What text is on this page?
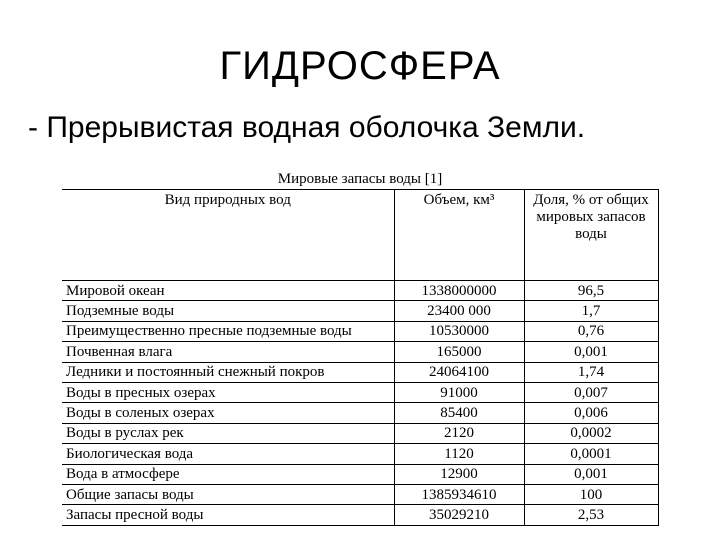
ГИДРОСФЕРА
- Прерывистая водная оболочка Земли.
Мировые запасы воды [1]
Вид природных вод	Объем, км³	Доля, % от общих мировых запасов воды
Мировой океан	1338000000	96,5
Подземные воды	23400 000	1,7
Преимущественно пресные подземные воды	10530000	0,76
Почвенная влага	165000	0,001
Ледники и постоянный снежный покров	24064100	1,74
Воды в пресных озерах	91000	0,007
Воды в соленых озерах	85400	0,006
Воды в руслах рек	2120	0,0002
Биологическая вода	1120	0,0001
Вода в атмосфере	12900	0,001
Общие запасы воды	1385934610	100
Запасы пресной воды	35029210	2,53
